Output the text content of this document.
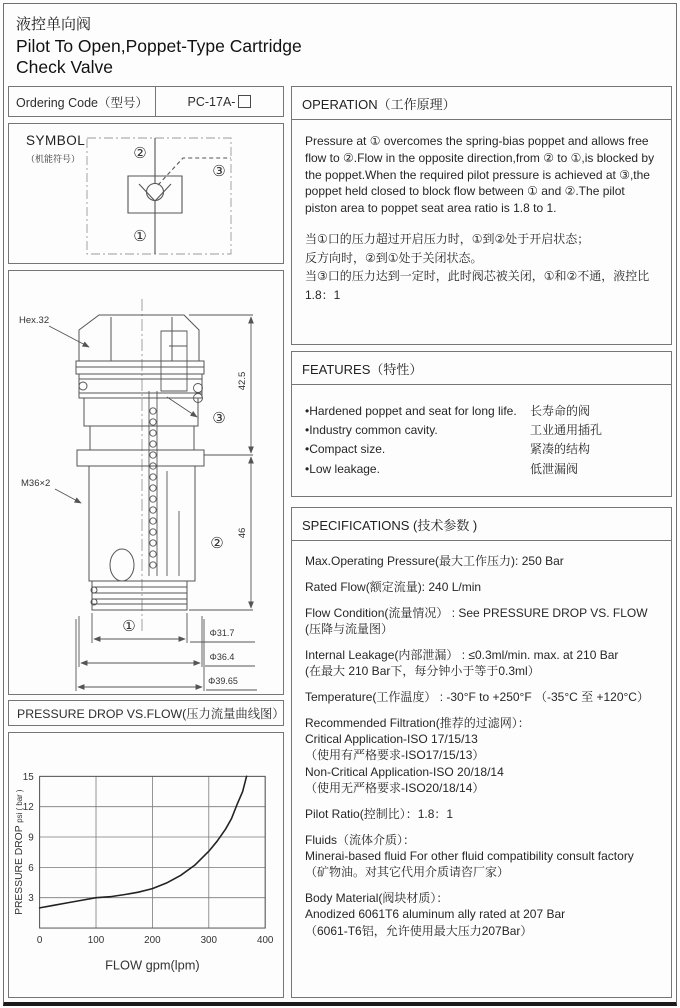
液控单向阀
Pilot To Open,Poppet-Type Cartridge
Check Valve
Ordering Code（型号）	PC-17A-
SYMBOL
（机能符号）	②
③
①
Hex.32
M36×2
42.5
46
Φ31.7
Φ36.4
Φ39.65
③
②
①
PRESSURE DROP VS.FLOW(压力流量曲线图）
3
6
9
12
15
0	100	200	300	400
FLOW gpm(lpm)
PRESSURE DROP psi ( bar )
OPERATION（工作原理）

Pressure at ① overcomes the spring-bias poppet and allows free flow to ②.Flow in the opposite direction,from ② to ①,is blocked by the poppet.When the required pilot pressure is achieved at ③,the poppet held closed to block flow between ① and ②.The pilot piston area to poppet seat area ratio is 1.8 to 1.

当①口的压力超过开启压力时，①到②处于开启状态；
反方向时，②到①处于关闭状态。
当③口的压力达到一定时，此时阀芯被关闭，①和②不通，液控比
1.8：1
FEATURES（特性）
•Hardened poppet and seat for long life.	长寿命的阀
•Industry common cavity.	工业通用插孔
•Compact size.	紧凑的结构
•Low leakage.	低泄漏阀
SPECIFICATIONS (技术参数 )
Max.Operating Pressure(最大工作压力): 250 Bar
Rated Flow(额定流量): 240 L/min
Flow Condition(流量情况） : See PRESSURE DROP VS. FLOW
(压降与流量图）
Internal Leakage(内部泄漏） : ≤0.3ml/min. max. at 210 Bar
(在最大 210 Bar下，每分钟小于等于0.3ml）
Temperature(工作温度） : -30°F to +250°F （-35°C 至 +120°C）
Recommended Filtration(推荐的过滤网）：
Critical Application-ISO 17/15/13
（使用有严格要求-ISO17/15/13）
Non-Critical Application-ISO 20/18/14
（使用无严格要求-ISO20/18/14）
Pilot Ratio(控制比）：1.8：1
Fluids（流体介质）：
Minerai-based fluid For other fluid compatibility consult factory
（矿物油。对其它代用介质请咨厂家）
Body Material(阀块材质）：
Anodized 6061T6 aluminum ally rated at 207 Bar
（6061-T6铝，允许使用最大压力207Bar）
